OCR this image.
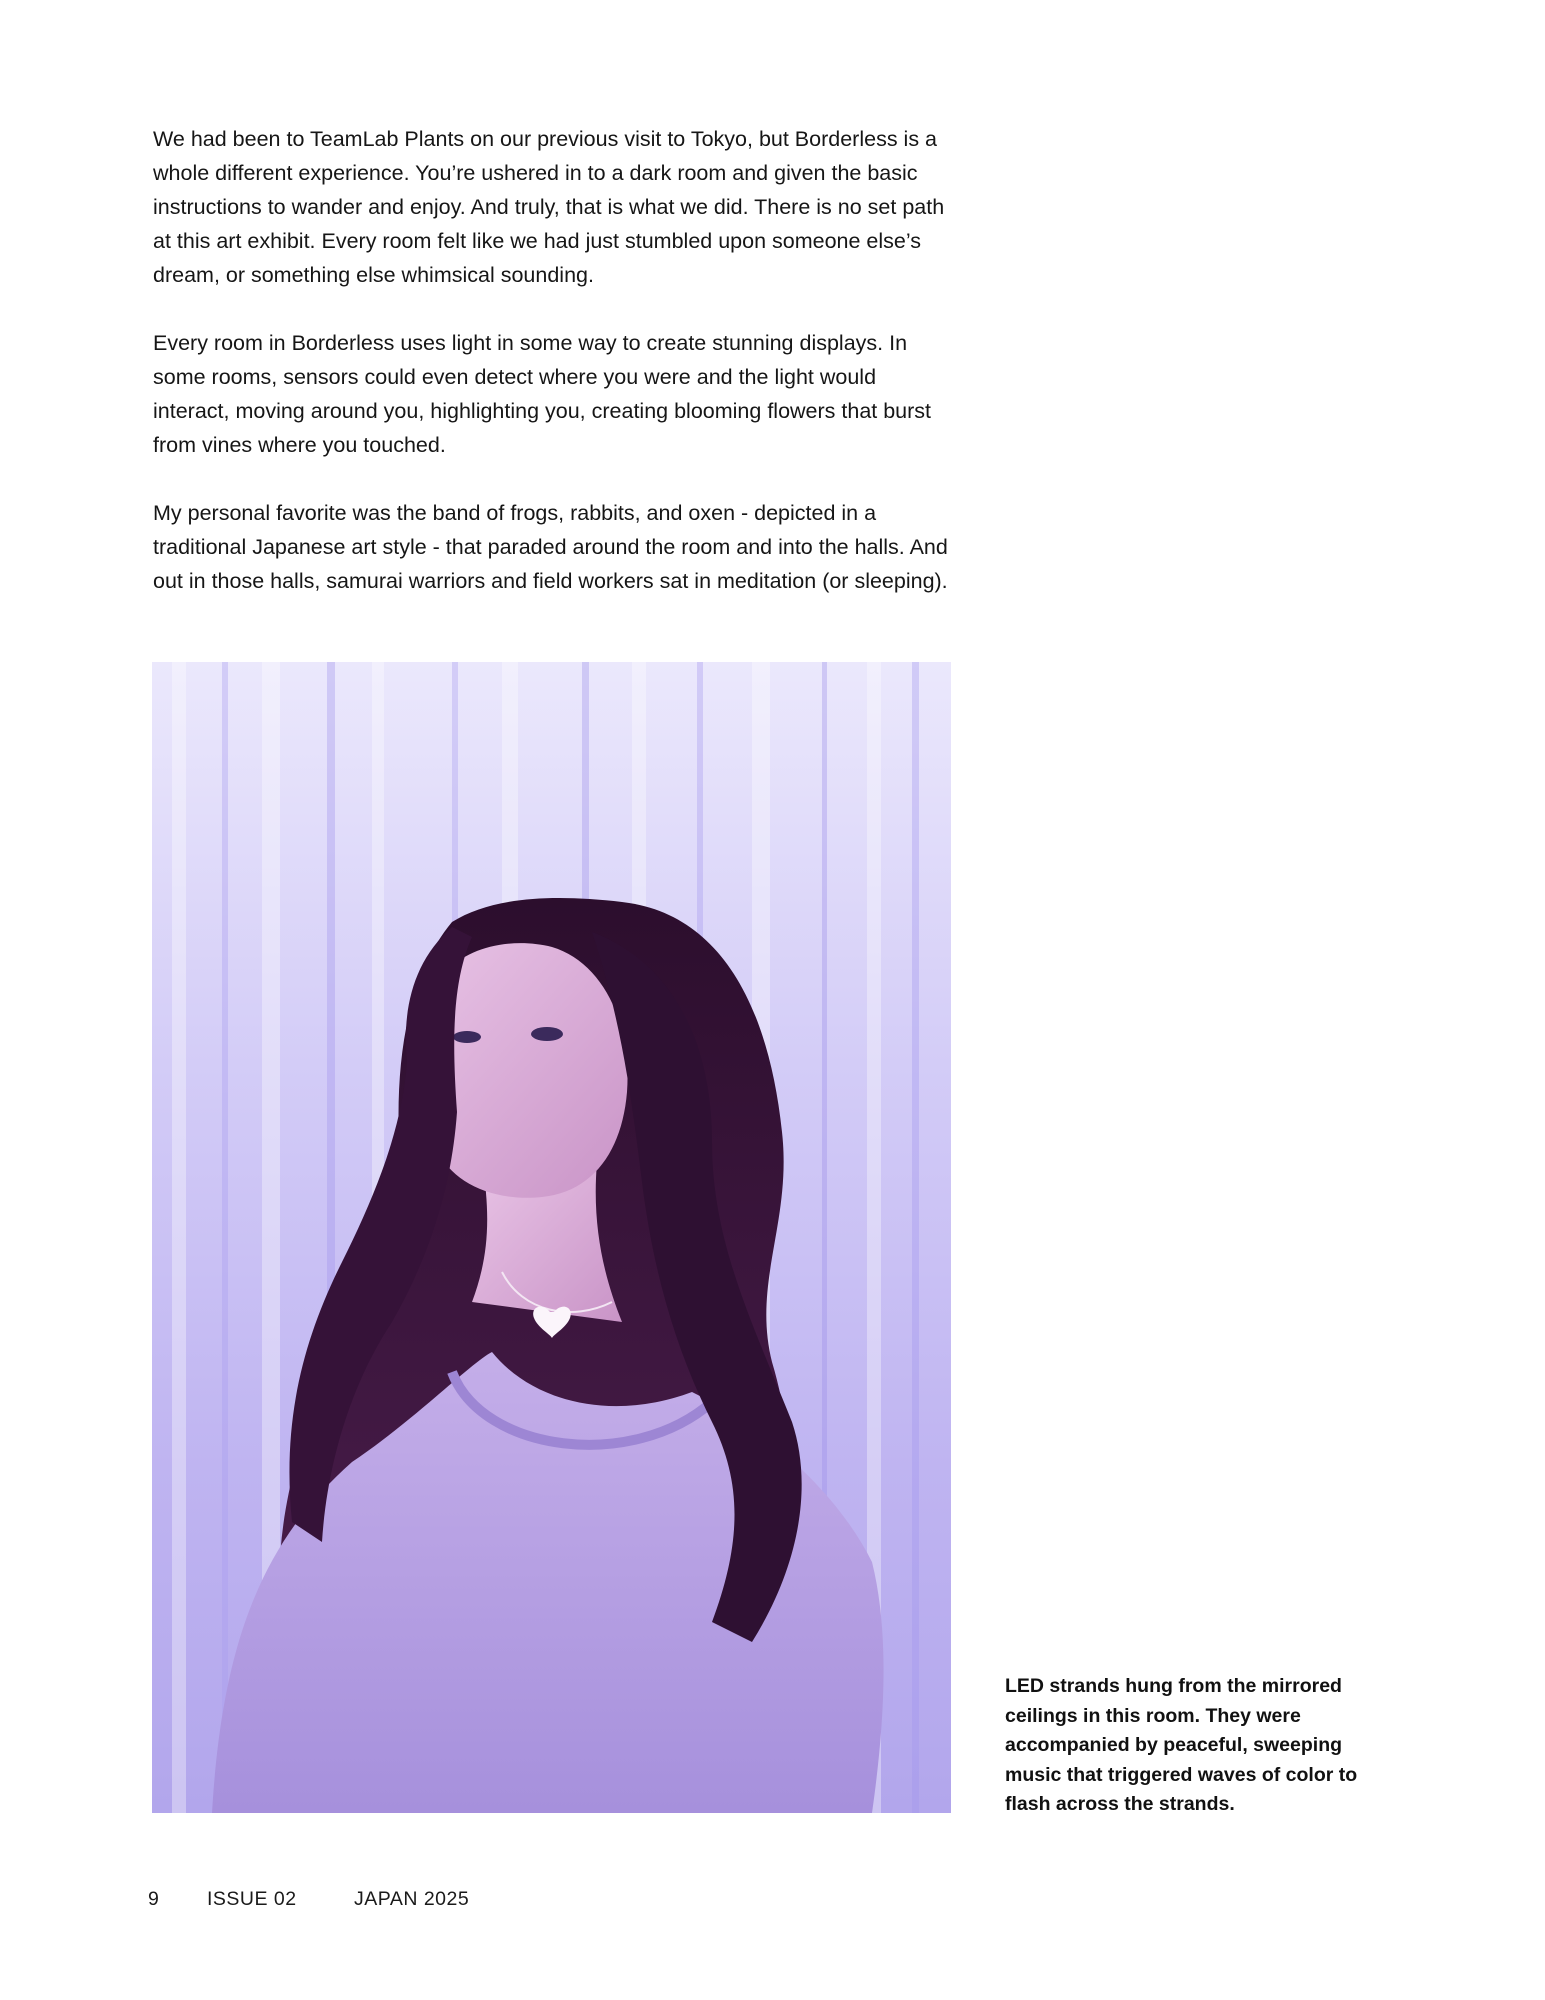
We had been to TeamLab Plants on our previous visit to Tokyo, but Borderless is a whole different experience. You’re ushered in to a dark room and given the basic instructions to wander and enjoy. And truly, that is what we did. There is no set path at this art exhibit. Every room felt like we had just stumbled upon someone else’s dream, or something else whimsical sounding.

Every room in Borderless uses light in some way to create stunning displays. In some rooms, sensors could even detect where you were and the light would interact, moving around you, highlighting you, creating blooming flowers that burst from vines where you touched.

My personal favorite was the band of frogs, rabbits, and oxen - depicted in a traditional Japanese art style - that paraded around the room and into the halls. And out in those halls, samurai warriors and field workers sat in meditation (or sleeping).

LED strands hung from the mirrored ceilings in this room. They were accompanied by peaceful, sweeping music that triggered waves of color to flash across the strands.

9 ISSUE 02	JAPAN 2025
